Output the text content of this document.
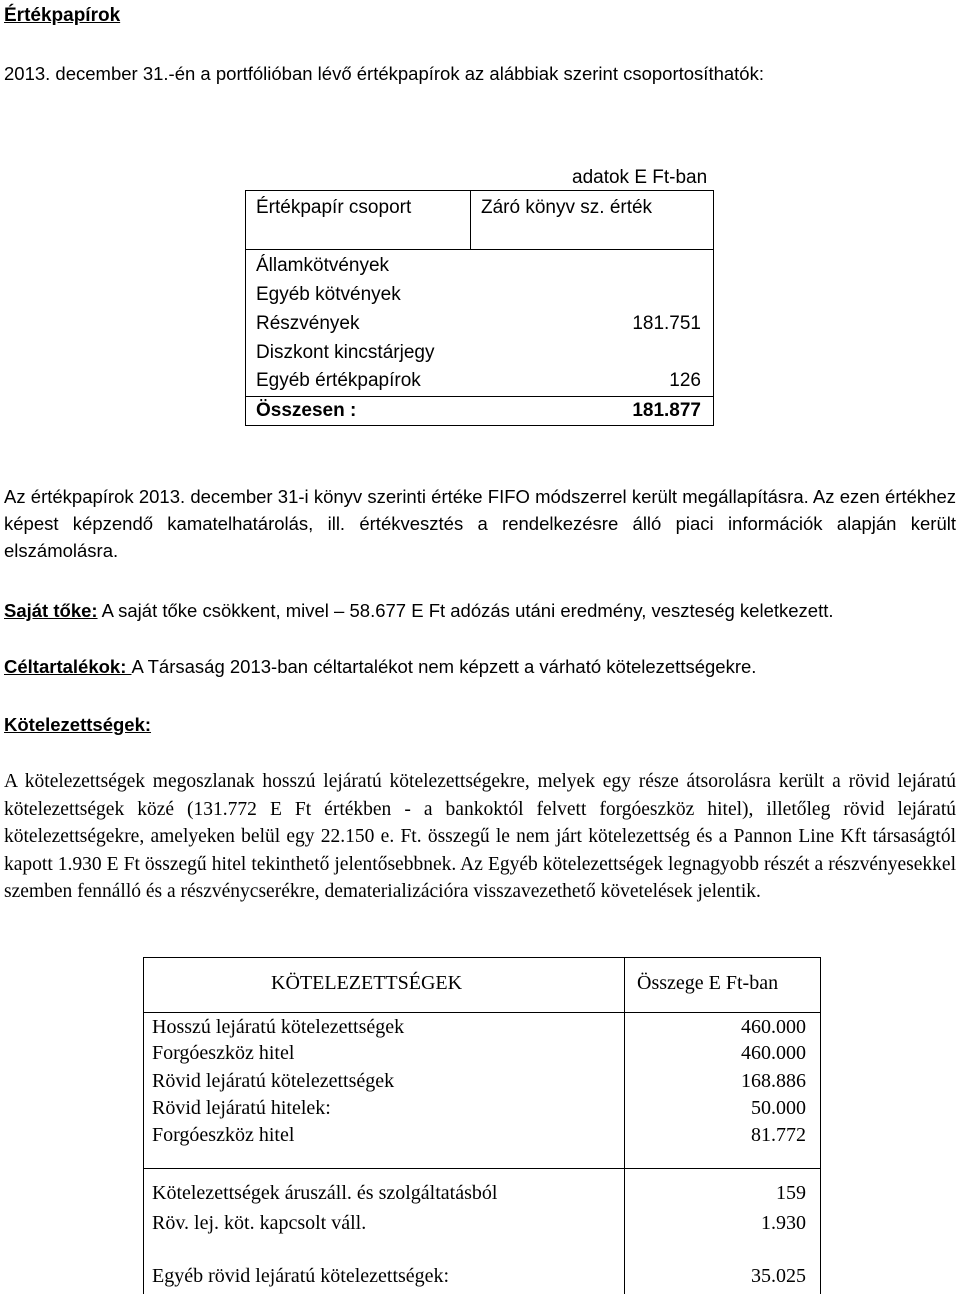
Értékpapírok
2013. december 31.-én a portfólióban lévő értékpapírok az alábbiak szerint csoportosíthatók:
adatok E Ft-ban
Értékpapír csoport	Záró könyv sz. érték
Államkötvények
Egyéb kötvények
Részvények	181.751
Diszkont kincstárjegy
Egyéb értékpapírok	126
Összesen :	181.877
Az értékpapírok 2013. december 31-i könyv szerinti értéke FIFO módszerrel került megállapításra. Az ezen értékhez képest képzendő kamatelhatárolás, ill. értékvesztés a rendelkezésre álló piaci információk alapján került elszámolásra.
Saját tőke: A saját tőke csökkent, mivel – 58.677 E Ft adózás utáni eredmény, veszteség keletkezett.
Céltartalékok: A Társaság 2013-ban céltartalékot nem képzett a várható kötelezettségekre.
Kötelezettségek:
A kötelezettségek megoszlanak hosszú lejáratú kötelezettségekre, melyek egy része átsorolásra került a rövid lejáratú kötelezettségek közé (131.772 E Ft értékben - a bankoktól felvett forgóeszköz hitel), illetőleg rövid lejáratú kötelezettségekre, amelyeken belül egy 22.150 e. Ft. összegű le nem járt kötelezettség és a Pannon Line Kft társaságtól kapott 1.930 E Ft összegű hitel tekinthető jelentősebbnek. Az Egyéb kötelezettségek legnagyobb részét a részvényesekkel szemben fennálló és a részvénycserékre, dematerializációra visszavezethető követelések jelentik.
KÖTELEZETTSÉGEK	Összege E Ft-ban
Hosszú lejáratú kötelezettségek	460.000
Forgóeszköz hitel	460.000
Rövid lejáratú kötelezettségek	168.886
Rövid lejáratú hitelek:	50.000
Forgóeszköz hitel	81.772
Kötelezettségek áruszáll. és szolgáltatásból	159
Röv. lej. köt. kapcsolt váll.	1.930
Egyéb rövid lejáratú kötelezettségek:	35.025
